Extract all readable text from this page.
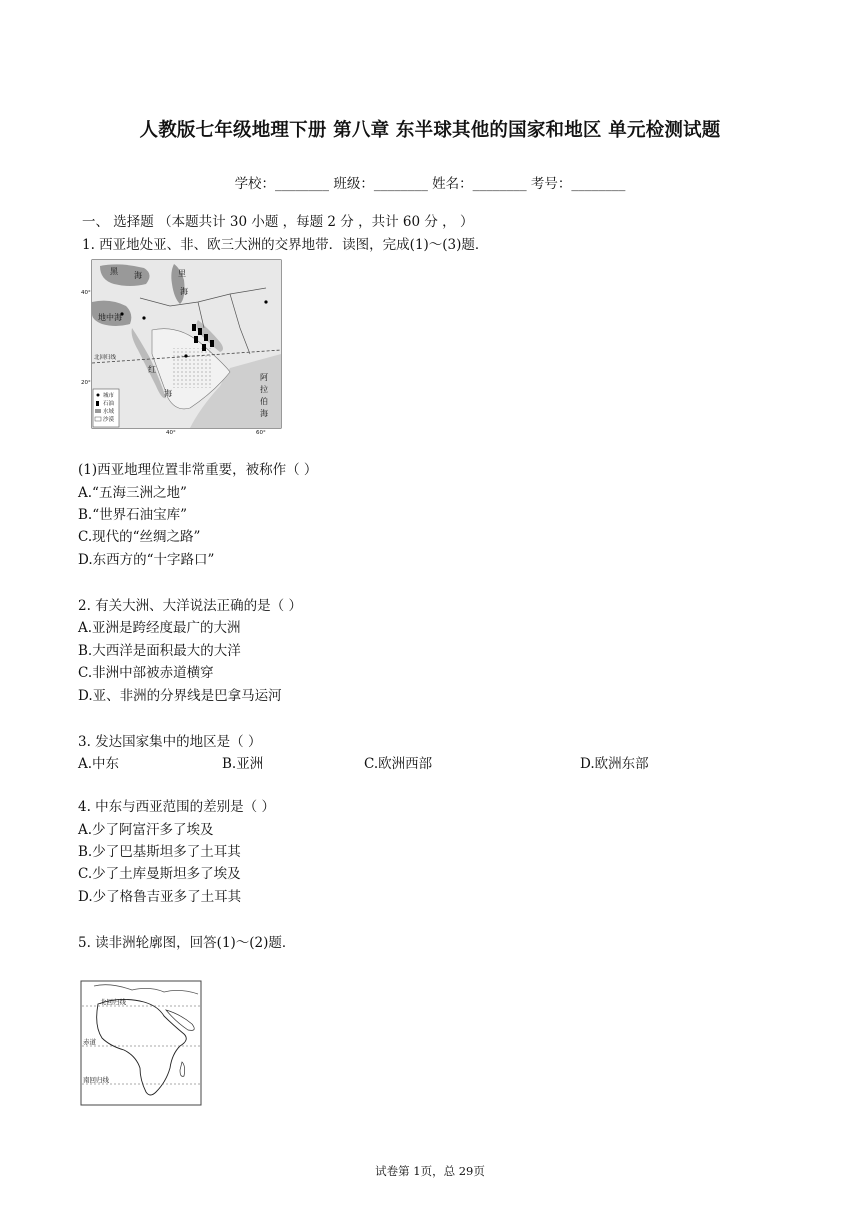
人教版七年级地理下册 第八章 东半球其他的国家和地区 单元检测试题
学校：________ 班级：________ 姓名：________ 考号：________
一、 选择题 （本题共计 30 小题 ，每题 2 分 ，共计 60 分 ， ）
1. 西亚地处亚、非、欧三大洲的交界地带．读图，完成(1)～(3)题．
黑 海	里
海
地中海
红
海
阿
拉
伯
海
北回归线
40°
20°
40°	60°
城市
石油
水域
沙漠
(1)西亚地理位置非常重要，被称作（ ）
A.“五海三洲之地”
B.“世界石油宝库”
C.现代的“丝绸之路”
D.东西方的“十字路口”
2. 有关大洲、大洋说法正确的是（ ）
A.亚洲是跨经度最广的大洲
B.大西洋是面积最大的大洋
C.非洲中部被赤道横穿
D.亚、非洲的分界线是巴拿马运河
3. 发达国家集中的地区是（ ）
A.中东	B.亚洲	C.欧洲西部	D.欧洲东部
4. 中东与西亚范围的差别是（ ）
A.少了阿富汗多了埃及
B.少了巴基斯坦多了土耳其
C.少了土库曼斯坦多了埃及
D.少了格鲁吉亚多了土耳其
5. 读非洲轮廓图，回答(1)～(2)题．
北回归线
赤道
南回归线
试卷第 1页，总 29页
